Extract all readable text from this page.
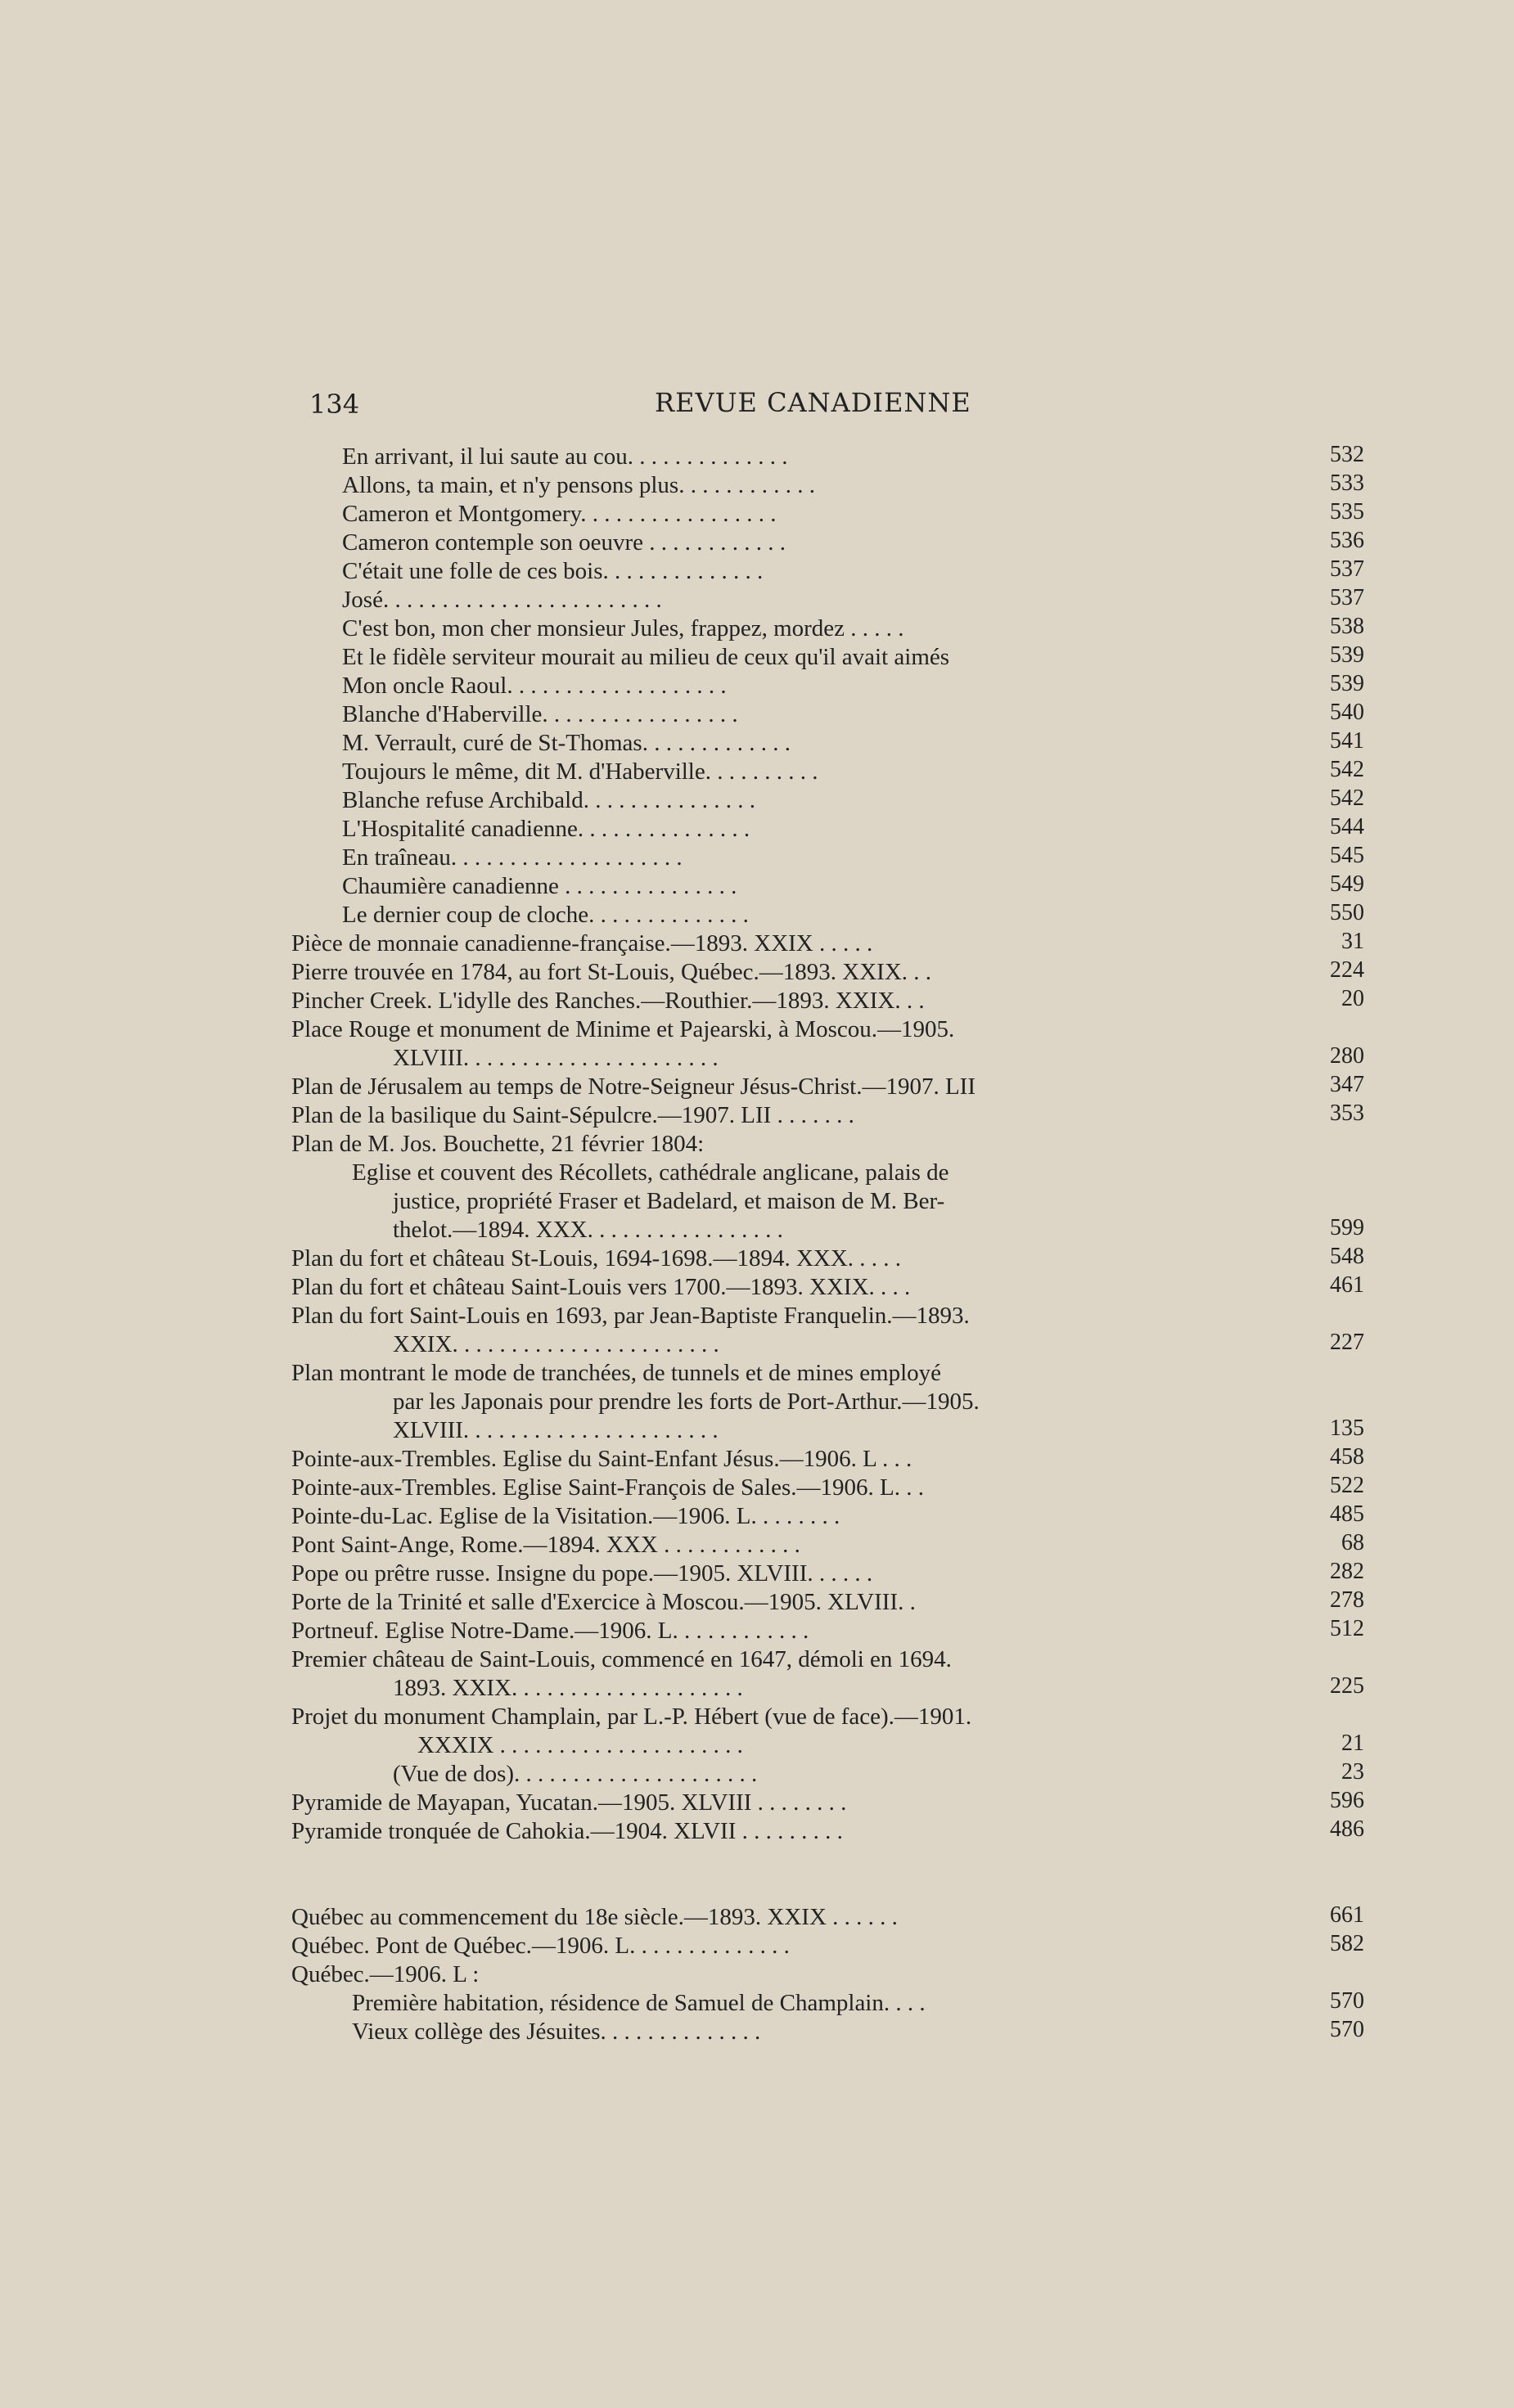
134	REVUE CANADIENNE
En arrivant, il lui saute au cou. . . . . . . . . . . . . .	532
Allons, ta main, et n'y pensons plus. . . . . . . . . . . .	533
Cameron et Montgomery. . . . . . . . . . . . . . . . .	535
Cameron contemple son oeuvre . . . . . . . . . . . .	536
C'était une folle de ces bois. . . . . . . . . . . . . .	537
José. . . . . . . . . . . . . . . . . . . . . . . .	537
C'est bon, mon cher monsieur Jules, frappez, mordez . . . . .	538
Et le fidèle serviteur mourait au milieu de ceux qu'il avait aimés	539
Mon oncle Raoul. . . . . . . . . . . . . . . . . . .	539
Blanche d'Haberville. . . . . . . . . . . . . . . . .	540
M. Verrault, curé de St-Thomas. . . . . . . . . . . . .	541
Toujours le même, dit M. d'Haberville. . . . . . . . . .	542
Blanche refuse Archibald. . . . . . . . . . . . . . .	542
L'Hospitalité canadienne. . . . . . . . . . . . . . .	544
En traîneau. . . . . . . . . . . . . . . . . . . .	545
Chaumière canadienne . . . . . . . . . . . . . . .	549
Le dernier coup de cloche. . . . . . . . . . . . . .	550
Pièce de monnaie canadienne-française.—1893. XXIX . . . . .	31
Pierre trouvée en 1784, au fort St-Louis, Québec.—1893. XXIX. . .	224
Pincher Creek. L'idylle des Ranches.—Routhier.—1893. XXIX. . .	20
Place Rouge et monument de Minime et Pajearski, à Moscou.—1905.
XLVIII. . . . . . . . . . . . . . . . . . . . . .	280
Plan de Jérusalem au temps de Notre-Seigneur Jésus-Christ.—1907. LII	347
Plan de la basilique du Saint-Sépulcre.—1907. LII . . . . . . .	353
Plan de M. Jos. Bouchette, 21 février 1804:
Eglise et couvent des Récollets, cathédrale anglicane, palais de
justice, propriété Fraser et Badelard, et maison de M. Ber-
thelot.—1894. XXX. . . . . . . . . . . . . . . . .	599
Plan du fort et château St-Louis, 1694-1698.—1894. XXX. . . . .	548
Plan du fort et château Saint-Louis vers 1700.—1893. XXIX. . . .	461
Plan du fort Saint-Louis en 1693, par Jean-Baptiste Franquelin.—1893.
XXIX. . . . . . . . . . . . . . . . . . . . . . .	227
Plan montrant le mode de tranchées, de tunnels et de mines employé
par les Japonais pour prendre les forts de Port-Arthur.—1905.
XLVIII. . . . . . . . . . . . . . . . . . . . . .	135
Pointe-aux-Trembles. Eglise du Saint-Enfant Jésus.—1906. L . . .	458
Pointe-aux-Trembles. Eglise Saint-François de Sales.—1906. L. . .	522
Pointe-du-Lac. Eglise de la Visitation.—1906. L. . . . . . . .	485
Pont Saint-Ange, Rome.—1894. XXX . . . . . . . . . . . .	68
Pope ou prêtre russe. Insigne du pope.—1905. XLVIII. . . . . .	282
Porte de la Trinité et salle d'Exercice à Moscou.—1905. XLVIII. .	278
Portneuf. Eglise Notre-Dame.—1906. L. . . . . . . . . . . .	512
Premier château de Saint-Louis, commencé en 1647, démoli en 1694.
1893. XXIX. . . . . . . . . . . . . . . . . . . .	225
Projet du monument Champlain, par L.-P. Hébert (vue de face).—1901.
XXXIX . . . . . . . . . . . . . . . . . . . . .	21
(Vue de dos). . . . . . . . . . . . . . . . . . . . .	23
Pyramide de Mayapan, Yucatan.—1905. XLVIII . . . . . . . .	596
Pyramide tronquée de Cahokia.—1904. XLVII . . . . . . . . .	486
Québec au commencement du 18e siècle.—1893. XXIX . . . . . .	661
Québec. Pont de Québec.—1906. L. . . . . . . . . . . . . .	582
Québec.—1906. L :
Première habitation, résidence de Samuel de Champlain. . . .	570
Vieux collège des Jésuites. . . . . . . . . . . . . .	570
